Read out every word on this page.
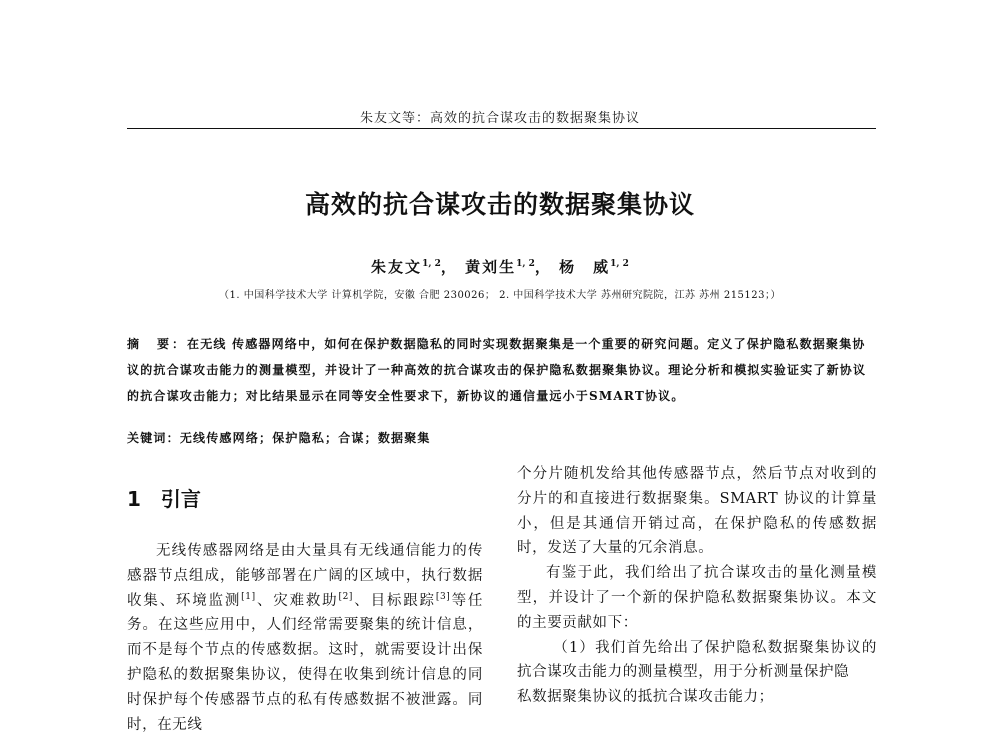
朱友文等：高效的抗合谋攻击的数据聚集协议
高效的抗合谋攻击的数据聚集协议
朱友文$^{1, 2}$， 黄刘生$^{1, 2}$， 杨　威$^{1, 2}$
（1. 中国科学技术大学 计算机学院，安徽 合肥 230026； 2. 中国科学技术大学 苏州研究院院，江苏 苏州 215123；）
摘　要：在无线 传感器网络中，如何在保护数据隐私的同时实现数据聚集是一个重要的研究问题。定义了保护隐私数据聚集协议的抗合谋攻击能力的测量模型，并设计了一种高效的抗合谋攻击的保护隐私数据聚集协议。理论分析和模拟实验证实了新协议的抗合谋攻击能力；对比结果显示在同等安全性要求下，新协议的通信量远小于SMART协议。
关键词：无线传感网络；保护隐私；合谋；数据聚集
1 引言

无线传感器网络是由大量具有无线通信能力的传感器节点组成，能够部署在广阔的区域中，执行数据收集、环境监测[1]、灾难救助[2]、目标跟踪[3]等任务。在这些应用中，人们经常需要聚集的统计信息，而不是每个节点的传感数据。这时，就需要设计出保护隐私的数据聚集协议，使得在收集到统计信息的同时保护每个传感器节点的私有传感数据不被泄露。同时，在无线

个分片随机发给其他传感器节点，然后节点对收到的分片的和直接进行数据聚集。SMART 协议的计算量小，但是其通信开销过高，在保护隐私的传感数据时，发送了大量的冗余消息。

有鉴于此，我们给出了抗合谋攻击的量化测量模型，并设计了一个新的保护隐私数据聚集协议。本文的主要贡献如下：

（1）我们首先给出了保护隐私数据聚集协议的抗合谋攻击能力的测量模型，用于分析测量保护隐

私数据聚集协议的抵抗合谋攻击能力；
